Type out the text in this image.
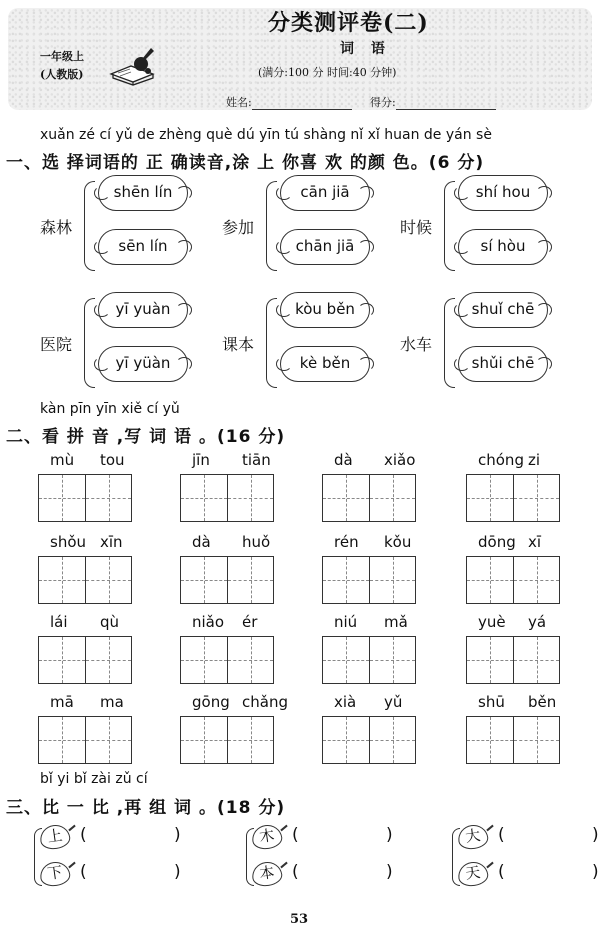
分类测评卷(二)
词 语
(满分:100 分 时间:40 分钟)
一年级上
(人教版)
姓名:	得分:
xuǎn zé cí yǔ de zhèng què dú yīn tú shàng nǐ xǐ huan de yán sè
一、选 择词语的 正 确读音,涂 上 你喜 欢 的颜 色。(6 分)
森林
shēn lín
sēn lín
参加
cān jiā
chān jiā
时候
shí hou
sí hòu
医院
yī yuàn
yī yüàn
课本
kòu běn
kè běn
水车
shuǐ chē
shǔi chē
kàn pīn yīn xiě cí yǔ
二、看 拼 音 ,写 词 语 。(16 分)
mù tou	jīn tiān	dà xiǎo	chóng zi
shǒu xīn	dà huǒ	rén kǒu	dōng xī
lái qù	niǎo ér	niú mǎ	yuè yá
mā ma	gōng chǎng	xià yǔ	shū běn
bǐ yi bǐ zài zǔ cí
三、比 一 比 ,再 组 词 。(18 分)
上 (	)
下 (	)
木 (	)
本 (	)
大 (	)
天 (	)
53
